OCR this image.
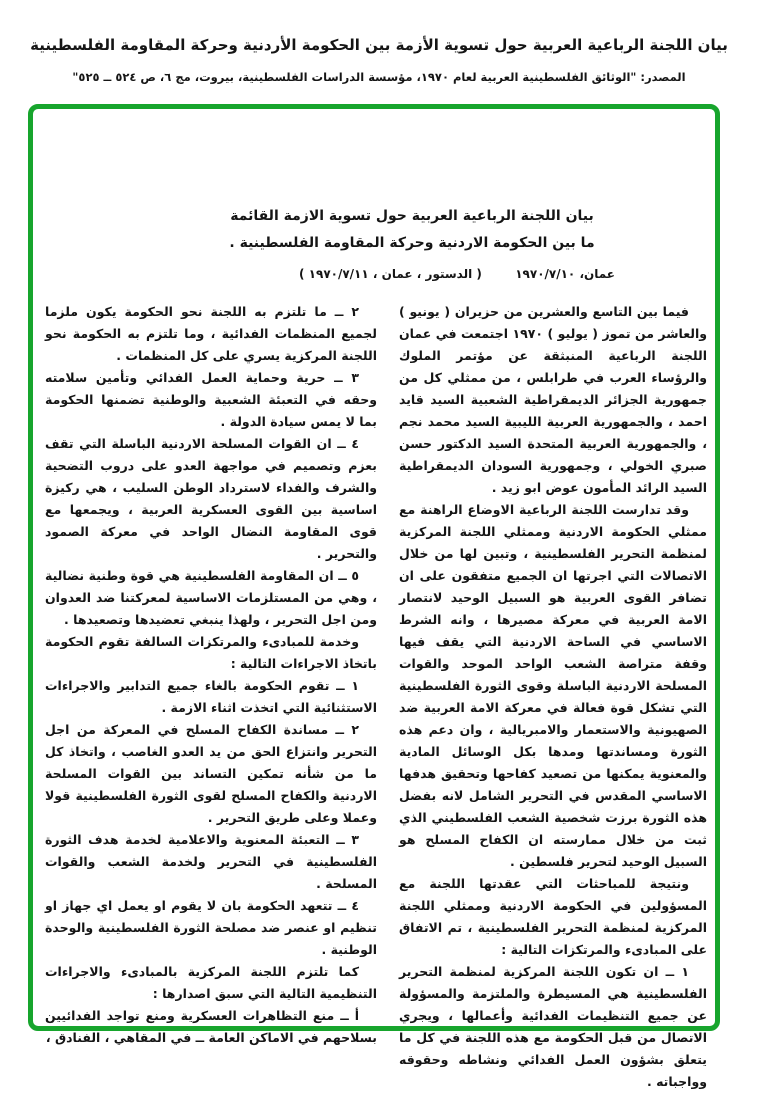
بيان اللجنة الرباعية العربية حول تسوية الأزمة بين الحكومة الأردنية وحركة المقاومة الفلسطينية
المصدر: "الوثائق الفلسطينية العربية لعام ١٩٧٠، مؤسسة الدراسات الفلسطينية، بيروت، مج ٦، ص ٥٢٤ ــ ٥٢٥"
بيان اللجنة الرباعية العربية حول تسوية الازمة القائمة
ما بين الحكومة الاردنية وحركة المقاومة الفلسطينية .
عمان، ١٩٧٠/٧/١٠
( الدستور ، عمان ، ١٩٧٠/٧/١١ )

فيما بين التاسع والعشرين من حزيران ( يونيو ) والعاشر من تموز ( يوليو ) ١٩٧٠ اجتمعت في عمان اللجنة الرباعية المنبثقة عن مؤتمر الملوك والرؤساء العرب في طرابلس ، من ممثلي كل من جمهورية الجزائر الديمقراطية الشعبية السيد قايد احمد ، والجمهورية العربية الليبية السيد محمد نجم ، والجمهورية العربية المتحدة السيد الدكتور حسن صبري الخولي ، وجمهورية السودان الديمقراطية السيد الرائد المأمون عوض ابو زيد .

وقد تدارست اللجنة الرباعية الاوضاع الراهنة مع ممثلي الحكومة الاردنية وممثلي اللجنة المركزية لمنظمة التحرير الفلسطينية ، وتبين لها من خلال الاتصالات التي اجرتها ان الجميع متفقون على ان تضافر القوى العربية هو السبيل الوحيد لانتصار الامة العربية في معركة مصيرها ، وانه الشرط الاساسي في الساحة الاردنية التي يقف فيها وقفة متراصة الشعب الواحد الموحد والقوات المسلحة الاردنية الباسلة وقوى الثورة الفلسطينية التي تشكل قوة فعالة في معركة الامة العربية ضد الصهيونية والاستعمار والامبريالية ، وان دعم هذه الثورة ومساندتها ومدها بكل الوسائل المادية والمعنوية يمكنها من تصعيد كفاحها وتحقيق هدفها الاساسي المقدس في التحرير الشامل لانه بفضل هذه الثورة برزت شخصية الشعب الفلسطيني الذي ثبت من خلال ممارسته ان الكفاح المسلح هو السبيل الوحيد لتحرير فلسطين .

ونتيجة للمباحثات التي عقدتها اللجنة مع المسؤولين في الحكومة الاردنية وممثلي اللجنة المركزية لمنظمة التحرير الفلسطينية ، تم الاتفاق على المبادىء والمرتكزات التالية :

١ ــ ان تكون اللجنة المركزية لمنظمة التحرير الفلسطينية هي المسيطرة والملتزمة والمسؤولة عن جميع التنظيمات الفدائية وأعمالها ، ويجري الاتصال من قبل الحكومة مع هذه اللجنة في كل ما يتعلق بشؤون العمل الفدائي ونشاطه وحقوقه وواجباته .

٢ ــ ما تلتزم به اللجنة نحو الحكومة يكون ملزما لجميع المنظمات الفدائية ، وما تلتزم به الحكومة نحو اللجنة المركزية يسري على كل المنظمات .

٣ ــ حرية وحماية العمل الفدائي وتأمين سلامته وحقه في التعبئة الشعبية والوطنية تضمنها الحكومة بما لا يمس سيادة الدولة .

٤ ــ ان القوات المسلحة الاردنية الباسلة التي تقف بعزم وتصميم في مواجهة العدو على دروب التضحية والشرف والفداء لاسترداد الوطن السليب ، هي ركيزة اساسية بين القوى العسكرية العربية ، ويجمعها مع قوى المقاومة النضال الواحد في معركة الصمود والتحرير .

٥ ــ ان المقاومة الفلسطينية هي قوة وطنية نضالية ، وهي من المستلزمات الاساسية لمعركتنا ضد العدوان ومن اجل التحرير ، ولهذا ينبغي تعضيدها وتصعيدها .

وخدمة للمبادىء والمرتكزات السالفة تقوم الحكومة باتخاذ الاجراءات التالية :

١ ــ تقوم الحكومة بالغاء جميع التدابير والاجراءات الاستثنائية التي اتخذت اثناء الازمة .

٢ ــ مساندة الكفاح المسلح في المعركة من اجل التحرير وانتزاع الحق من يد العدو الغاصب ، واتخاذ كل ما من شأنه تمكين التساند بين القوات المسلحة الاردنية والكفاح المسلح لقوى الثورة الفلسطينية قولا وعملا وعلى طريق التحرير .

٣ ــ التعبئة المعنوية والاعلامية لخدمة هدف الثورة الفلسطينية في التحرير ولخدمة الشعب والقوات المسلحة .

٤ ــ تتعهد الحكومة بان لا يقوم او يعمل اي جهاز او تنظيم او عنصر ضد مصلحة الثورة الفلسطينية والوحدة الوطنية .

كما تلتزم اللجنة المركزية بالمبادىء والاجراءات التنظيمية التالية التي سبق اصدارها :

أ ــ منع التظاهرات العسكرية ومنع تواجد الفدائيين بسلاحهم في الاماكن العامة ــ في المقاهي ، الفنادق ،
